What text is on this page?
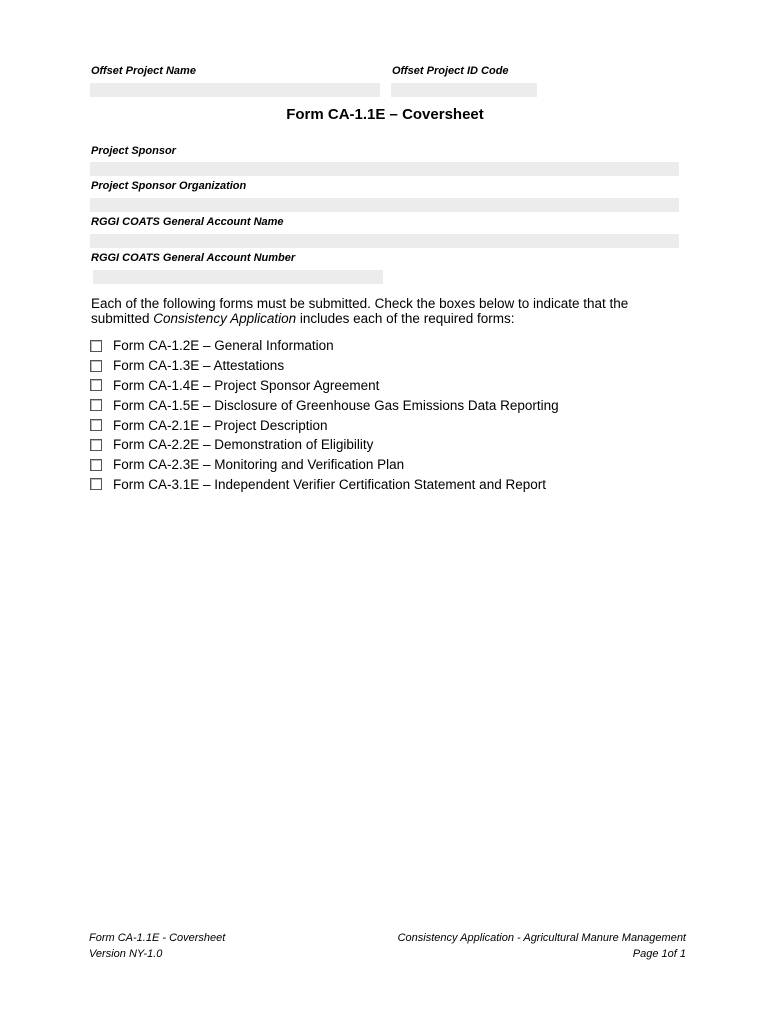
Offset Project Name	Offset Project ID Code
Form CA-1.1E – Coversheet
Project Sponsor
Project Sponsor Organization
RGGI COATS General Account Name
RGGI COATS General Account Number
Each of the following forms must be submitted. Check the boxes below to indicate that the
submitted Consistency Application includes each of the required forms:
Form CA-1.2E – General Information
Form CA-1.3E – Attestations
Form CA-1.4E – Project Sponsor Agreement
Form CA-1.5E – Disclosure of Greenhouse Gas Emissions Data Reporting
Form CA-2.1E – Project Description
Form CA-2.2E – Demonstration of Eligibility
Form CA-2.3E – Monitoring and Verification Plan
Form CA-3.1E – Independent Verifier Certification Statement and Report
Form CA-1.1E - Coversheet
Version NY-1.0
Consistency Application - Agricultural Manure Management
Page 1of 1
